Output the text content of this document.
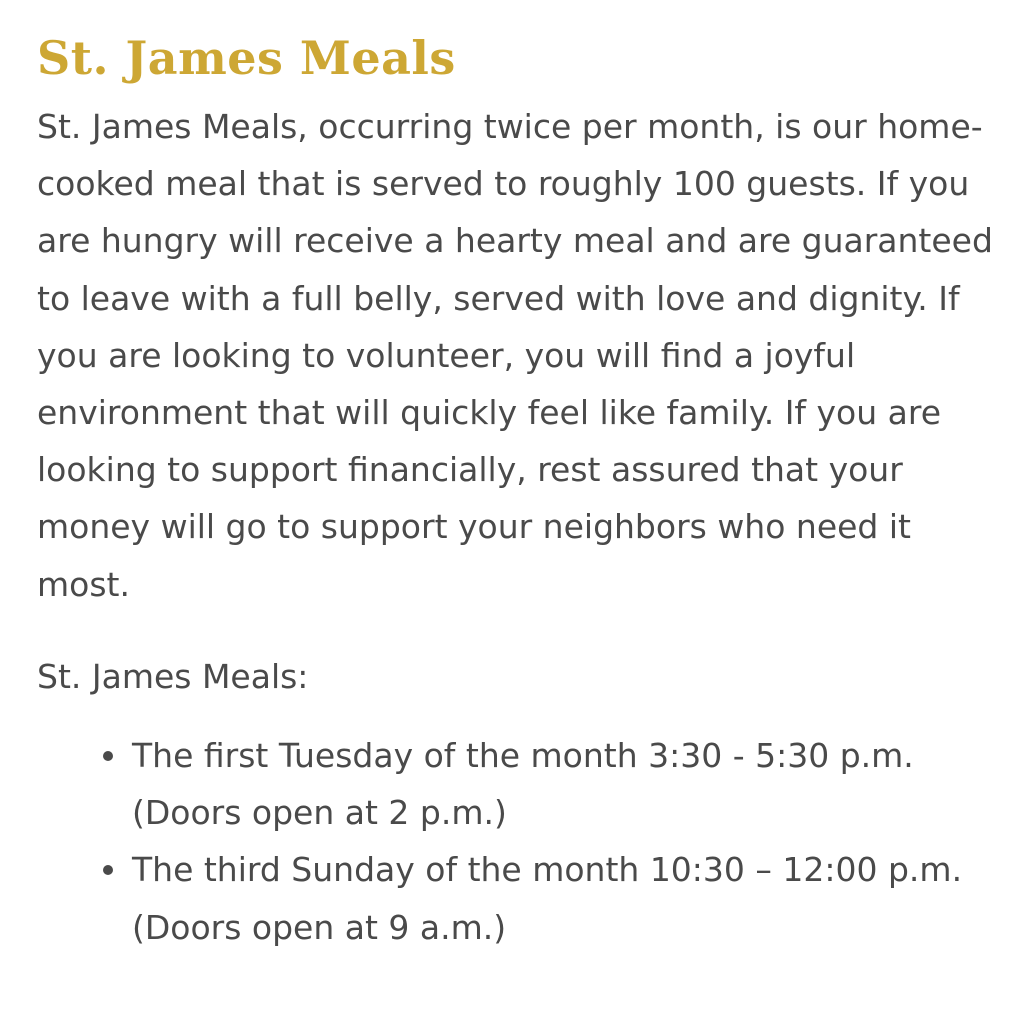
St. James Meals

St. James Meals, occurring twice per month, is our home-cooked meal that is served to roughly 100 guests. If you are hungry will receive a hearty meal and are guaranteed to leave with a full belly, served with love and dignity. If you are looking to volunteer, you will find a joyful environment that will quickly feel like family. If you are looking to support financially, rest assured that your money will go to support your neighbors who need it most.

St. James Meals:

The first Tuesday of the month 3:30 - 5:30 p.m. (Doors open at 2 p.m.)
The third Sunday of the month 10:30 – 12:00 p.m. (Doors open at 9 a.m.)
